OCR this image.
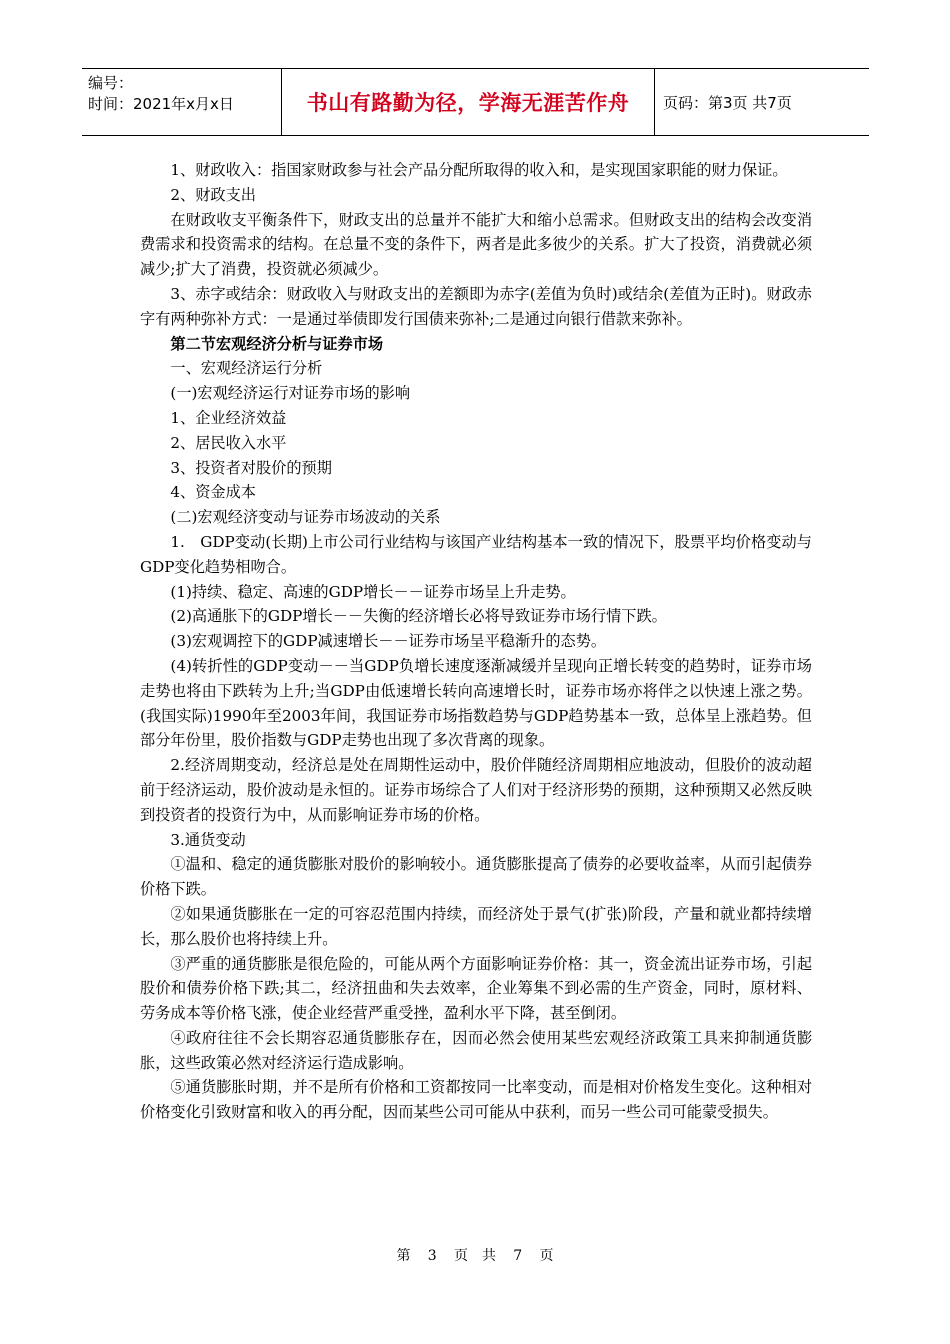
编号：
时间：2021年x月x日	书山有路勤为径，学海无涯苦作舟	页码：第3页 共7页

1、财政收入：指国家财政参与社会产品分配所取得的收入和，是实现国家职能的财力保证。

2、财政支出

在财政收支平衡条件下，财政支出的总量并不能扩大和缩小总需求。但财政支出的结构会改变消费需求和投资需求的结构。在总量不变的条件下，两者是此多彼少的关系。扩大了投资，消费就必须减少;扩大了消费，投资就必须减少。

3、赤字或结余：财政收入与财政支出的差额即为赤字(差值为负时)或结余(差值为正时)。财政赤字有两种弥补方式：一是通过举债即发行国债来弥补;二是通过向银行借款来弥补。

第二节宏观经济分析与证券市场

一、宏观经济运行分析

(一)宏观经济运行对证券市场的影响

1、企业经济效益

2、居民收入水平

3、投资者对股价的预期

4、资金成本

(二)宏观经济变动与证券市场波动的关系

1.　GDP变动(长期)上市公司行业结构与该国产业结构基本一致的情况下，股票平均价格变动与GDP变化趋势相吻合。

(1)持续、稳定、高速的GDP增长－－证券市场呈上升走势。

(2)高通胀下的GDP增长－－失衡的经济增长必将导致证券市场行情下跌。

(3)宏观调控下的GDP减速增长－－证券市场呈平稳渐升的态势。

(4)转折性的GDP变动－－当GDP负增长速度逐渐减缓并呈现向正增长转变的趋势时，证券市场走势也将由下跌转为上升;当GDP由低速增长转向高速增长时，证券市场亦将伴之以快速上涨之势。(我国实际)1990年至2003年间，我国证券市场指数趋势与GDP趋势基本一致，总体呈上涨趋势。但部分年份里，股价指数与GDP走势也出现了多次背离的现象。

2.经济周期变动，经济总是处在周期性运动中，股价伴随经济周期相应地波动，但股价的波动超前于经济运动，股价波动是永恒的。证券市场综合了人们对于经济形势的预期，这种预期又必然反映到投资者的投资行为中，从而影响证券市场的价格。

3.通货变动

①温和、稳定的通货膨胀对股价的影响较小。通货膨胀提高了债券的必要收益率，从而引起债券价格下跌。

②如果通货膨胀在一定的可容忍范围内持续，而经济处于景气(扩张)阶段，产量和就业都持续增长，那么股价也将持续上升。

③严重的通货膨胀是很危险的，可能从两个方面影响证券价格：其一，资金流出证券市场，引起股价和债券价格下跌;其二，经济扭曲和失去效率，企业筹集不到必需的生产资金，同时，原材料、劳务成本等价格飞涨，使企业经营严重受挫，盈利水平下降，甚至倒闭。

④政府往往不会长期容忍通货膨胀存在，因而必然会使用某些宏观经济政策工具来抑制通货膨胀，这些政策必然对经济运行造成影响。

⑤通货膨胀时期，并不是所有价格和工资都按同一比率变动，而是相对价格发生变化。这种相对价格变化引致财富和收入的再分配，因而某些公司可能从中获利，而另一些公司可能蒙受损失。

第 3 页　共 7 页
